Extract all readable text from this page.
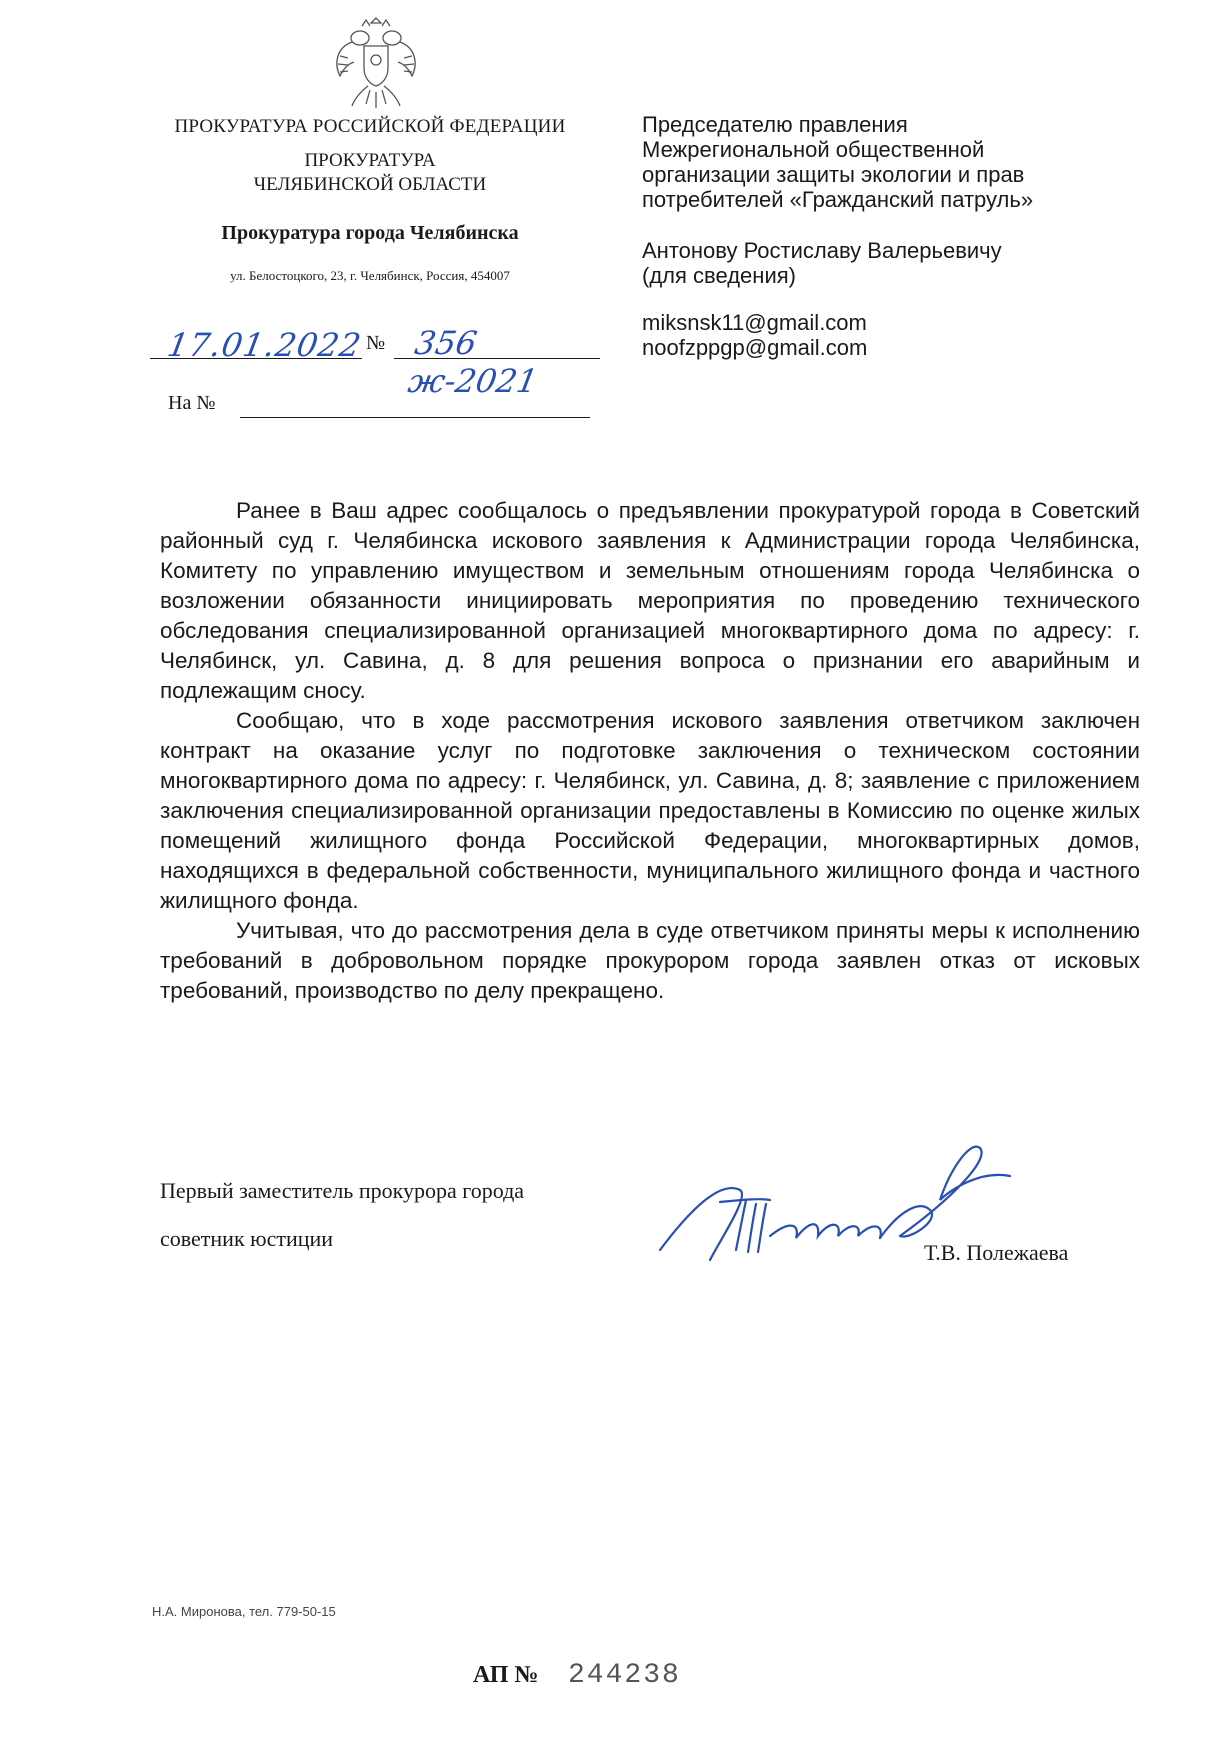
ПРОКУРАТУРА РОССИЙСКОЙ ФЕДЕРАЦИИ
ПРОКУРАТУРА
ЧЕЛЯБИНСКОЙ ОБЛАСТИ
Прокуратура города Челябинска
ул. Белостоцкого, 23, г. Челябинск, Россия, 454007
17.01.2022 № 356 ж-2021
На №
Председателю правления
Межрегиональной общественной
организации защиты экологии и прав
потребителей «Гражданский патруль»
Антонову Ростиславу Валерьевичу
(для сведения)
miksnsk11@gmail.com
noofzppgp@gmail.com

Ранее в Ваш адрес сообщалось о предъявлении прокуратурой города в Советский районный суд г. Челябинска искового заявления к Администрации города Челябинска, Комитету по управлению имуществом и земельным отношениям города Челябинска о возложении обязанности инициировать мероприятия по проведению технического обследования специализированной организацией многоквартирного дома по адресу: г. Челябинск, ул. Савина, д. 8 для решения вопроса о признании его аварийным и подлежащим сносу.

Сообщаю, что в ходе рассмотрения искового заявления ответчиком заключен контракт на оказание услуг по подготовке заключения о техническом состоянии многоквартирного дома по адресу: г. Челябинск, ул. Савина, д. 8; заявление с приложением заключения специализированной организации предоставлены в Комиссию по оценке жилых помещений жилищного фонда Российской Федерации, многоквартирных домов, находящихся в федеральной собственности, муниципального жилищного фонда и частного жилищного фонда.

Учитывая, что до рассмотрения дела в суде ответчиком приняты меры к исполнению требований в добровольном порядке прокурором города заявлен отказ от исковых требований, производство по делу прекращено.

Первый заместитель прокурора города
советник юстиции
Т.В. Полежаева
Н.А. Миронова, тел. 779-50-15
АП № 244238
